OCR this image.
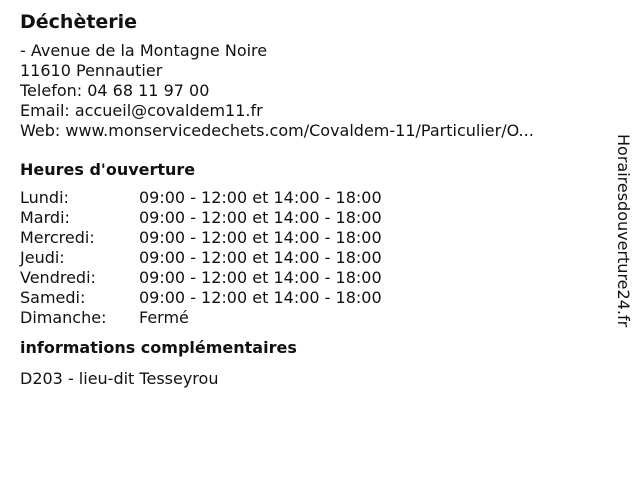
Déchèterie
- Avenue de la Montagne Noire
11610 Pennautier
Telefon: 04 68 11 97 00
Email: accueil@covaldem11.fr
Web: www.monservicedechets.com/Covaldem-11/Particulier/O...
Heures d'ouverture
Lundi:	09:00 - 12:00 et 14:00 - 18:00
Mardi:	09:00 - 12:00 et 14:00 - 18:00
Mercredi:	09:00 - 12:00 et 14:00 - 18:00
Jeudi:	09:00 - 12:00 et 14:00 - 18:00
Vendredi:	09:00 - 12:00 et 14:00 - 18:00
Samedi:	09:00 - 12:00 et 14:00 - 18:00
Dimanche: Fermé
informations complémentaires
D203 - lieu-dit Tesseyrou
Horairesdouverture24.fr
